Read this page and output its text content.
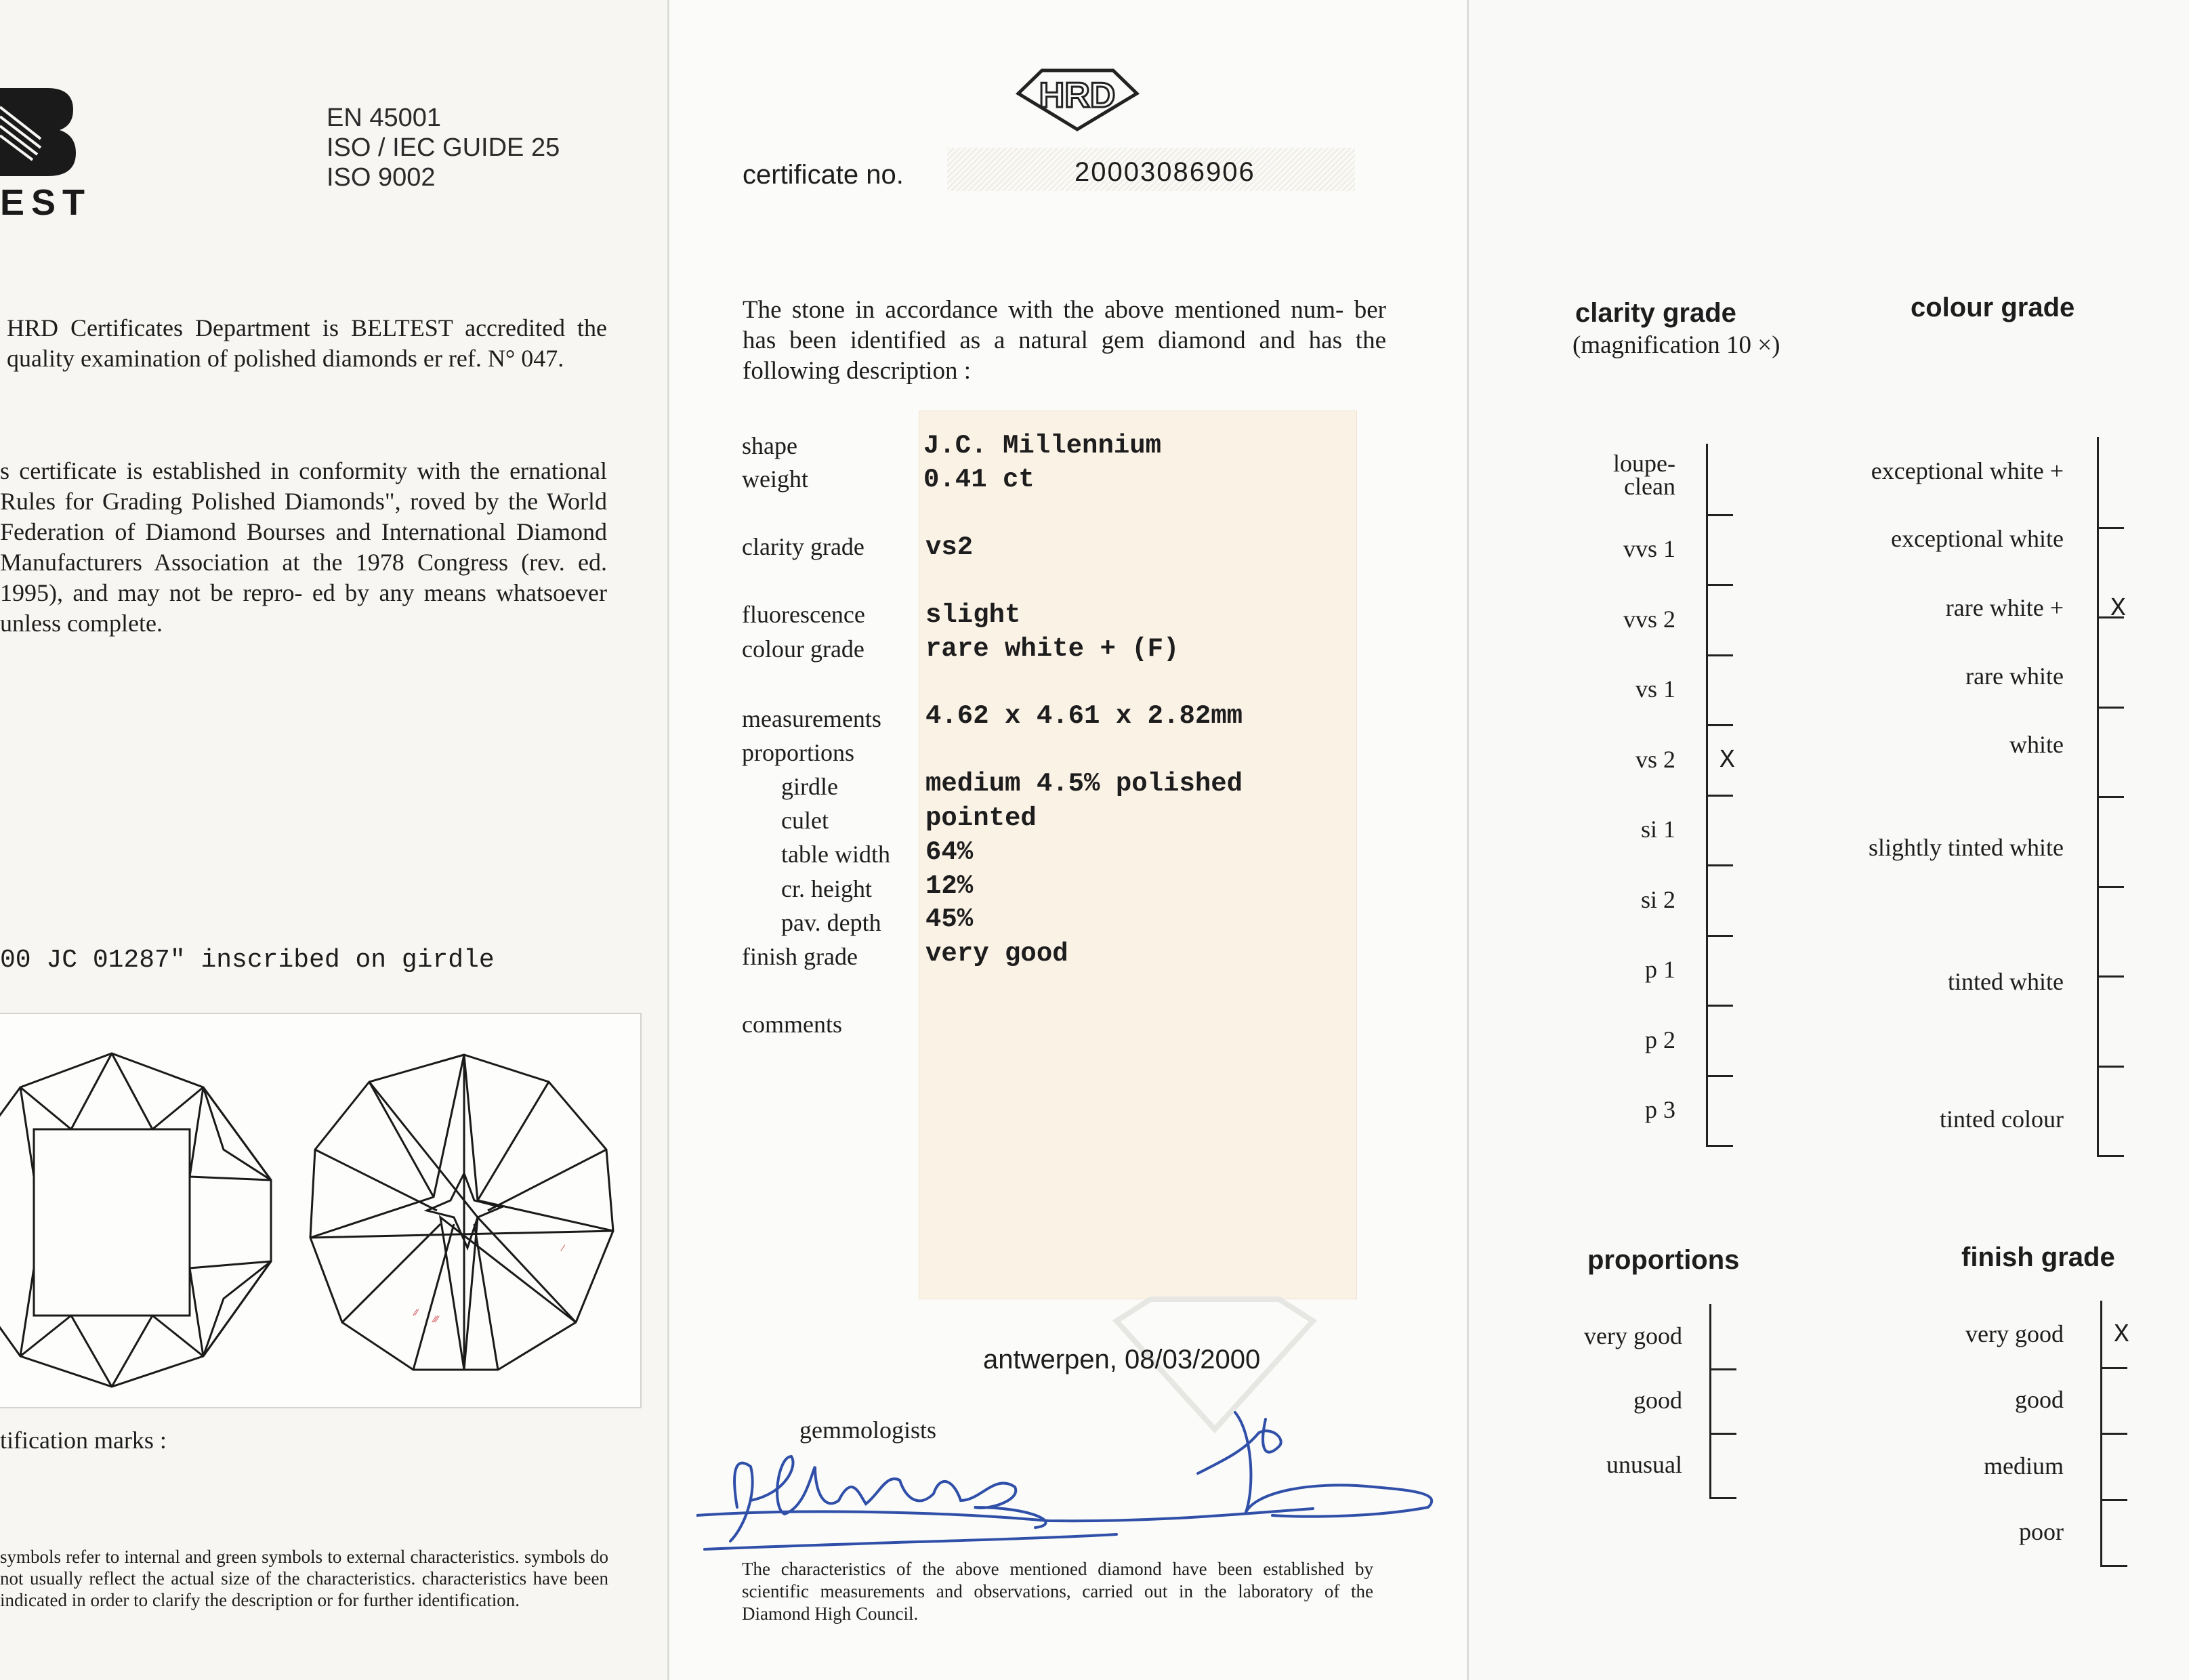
EST
EN 45001
ISO / IEC GUIDE 25
ISO 9002
HRD Certificates Department is BELTEST accredited the quality examination of polished diamonds er ref. N° 047.
s certificate is established in conformity with the ernational Rules for Grading Polished Diamonds", roved by the World Federation of Diamond Bourses and International Diamond Manufacturers Association at the 1978 Congress (rev. ed. 1995), and may not be repro- ed by any means whatsoever unless complete.
00 JC 01287" inscribed on girdle
⁄⁄
⁄
⁄⁄⁄
tification marks :
symbols refer to internal and green symbols to external characteristics. symbols do not usually reflect the actual size of the characteristics. characteristics have been indicated in order to clarify the description or for further identification.
HRD
certificate no.	20003086906
The stone in accordance with the above mentioned num- ber has been identified as a natural gem diamond and has the following description :
shape
weight
clarity grade
fluorescence
colour grade
measurements
proportions
girdle
culet
table width
cr. height
pav. depth
finish grade
comments
J.C. Millennium
0.41 ct
vs2
slight
rare white + (F)
4.62 x 4.61 x 2.82mm
medium 4.5% polished
pointed
64%
12%
45%
very good
antwerpen, 08/03/2000
gemmologists
The characteristics of the above mentioned diamond have been established by scientific measurements and observations, carried out in the laboratory of the Diamond High Council.
clarity grade
(magnification 10 ×)
colour grade
loupe-
clean
vvs 1
vvs 2
vs 1
vs 2 X
si 1
si 2
p 1
p 2
p 3
exceptional white +
exceptional white
rare white + X
rare white
white
slightly tinted white
tinted white
tinted colour
proportions	finish grade
very good
good
unusual
very good X
good
medium
poor
